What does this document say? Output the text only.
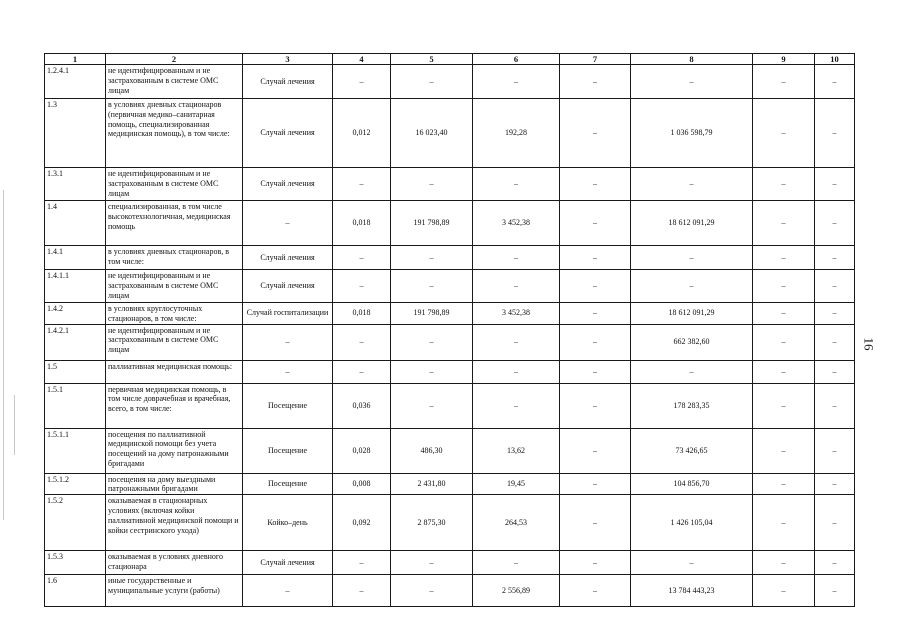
1	2	3	4	5	6	7	8	9	10
1.2.4.1	не идентифицированным и не застрахованным в системе ОМС лицам	Случай лечения	–	–	–	–	–	–	–
1.3	в условиях дневных стационаров (первичная медико–санитарная помощь, специализированная медицинская помощь), в том числе:	Случай лечения	0,012	16 023,40	192,28	–	1 036 598,79	–	–
1.3.1	не идентифицированным и не застрахованным в системе ОМС лицам	Случай лечения	–	–	–	–	–	–	–
1.4	специализированная, в том числе высокотехнологичная, медицинская помощь	–	0,018	191 798,89	3 452,38	–	18 612 091,29	–	–
1.4.1	в условиях дневных стационаров, в том числе:	Случай лечения	–	–	–	–	–	–	–
1.4.1.1	не идентифицированным и не застрахованным в системе ОМС лицам	Случай лечения	–	–	–	–	–	–	–
1.4.2	в условиях круглосуточных стационаров, в том числе:	Случай госпитализации	0,018	191 798,89	3 452,38	–	18 612 091,29	–	–
1.4.2.1	не идентифицированным и не застрахованным в системе ОМС лицам	–	–	–	–	–	662 382,60	–	–
1.5	паллиативная медицинская помощь:	–	–	–	–	–	–	–	–
1.5.1	первичная медицинская помощь, в том числе доврачебная и врачебная, всего, в том числе:	Посещение	0,036	–	–	–	178 283,35	–	–
1.5.1.1	посещения по паллиативной медицинской помощи без учета посещений на дому патронажными бригадами	Посещение	0,028	486,30	13,62	–	73 426,65	–	–
1.5.1.2	посещения на дому выездными патронажными бригадами	Посещение	0,008	2 431,80	19,45	–	104 856,70	–	–
1.5.2	оказываемая в стационарных условиях (включая койки паллиативной медицинской помощи и койки сестринского ухода)	Койко–день	0,092	2 875,30	264,53	–	1 426 105,04	–	–
1.5.3	оказываемая в условиях дневного стационара	Случай лечения	–	–	–	–	–	–	–
1.6	иные государственные и муниципальные услуги (работы)	–	–	–	2 556,89	–	13 784 443,23	–	–
16
